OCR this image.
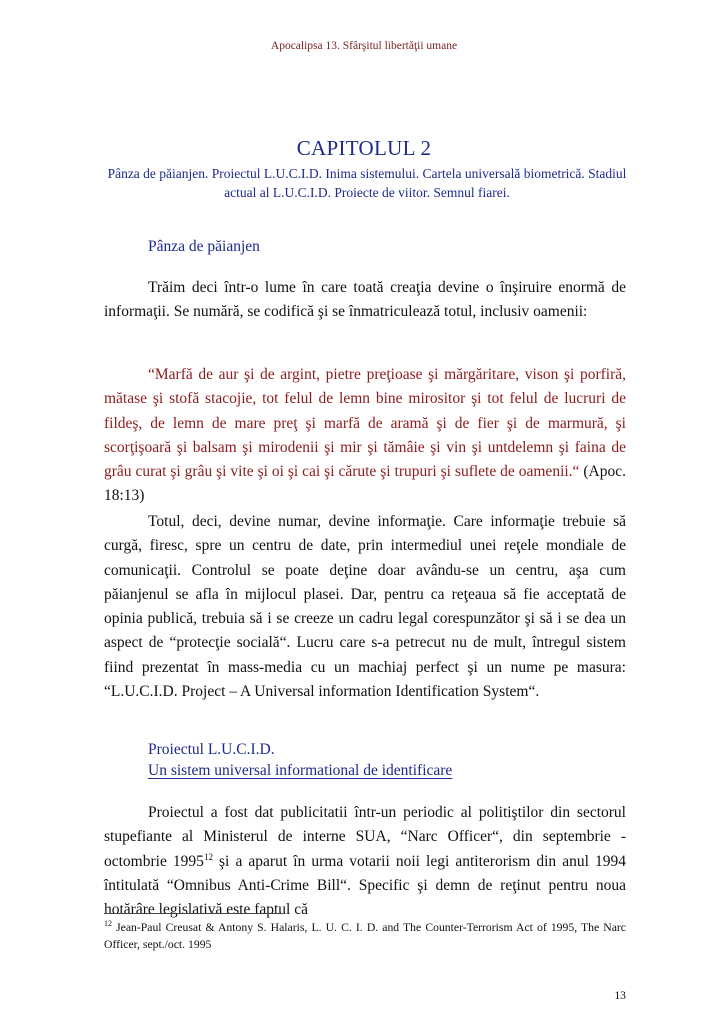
Apocalipsa 13. Sfârşitul libertăţii umane
CAPITOLUL 2
Pânza de păianjen. Proiectul L.U.C.I.D. Inima sistemului. Cartela universală biometrică. Stadiul actual al L.U.C.I.D. Proiecte de viitor. Semnul fiarei.
Pânza de păianjen

Trăim deci într-o lume în care toată creaţia devine o înşiruire enormă de informaţii. Se numără, se codifică şi se înmatriculează totul, inclusiv oamenii:

“Marfă de aur şi de argint, pietre preţioase şi mărgăritare, vison şi porfiră, mătase şi stofă stacojie, tot felul de lemn bine mirositor şi tot felul de lucruri de fildeş, de lemn de mare preţ şi marfă de aramă şi de fier şi de marmură, şi scorţişoară şi balsam şi mirodenii şi mir şi tămâie şi vin şi untdelemn şi faina de grâu curat şi grâu şi vite şi oi şi cai şi cărute şi trupuri şi suflete de oamenii.“ (Apoc. 18:13)

Totul, deci, devine numar, devine informaţie. Care informaţie trebuie să curgă, firesc, spre un centru de date, prin intermediul unei reţele mondiale de comunicaţii. Controlul se poate deţine doar avându-se un centru, aşa cum păianjenul se afla în mijlocul plasei. Dar, pentru ca reţeaua să fie acceptată de opinia publică, trebuia să i se creeze un cadru legal corespunzător şi să i se dea un aspect de “protecţie socială“. Lucru care s-a petrecut nu de mult, întregul sistem fiind prezentat în mass-media cu un machiaj perfect şi un nume pe masura: “L.U.C.I.D. Project – A Universal information Identification System“.

Proiectul L.U.C.I.D.
Un sistem universal informational de identificare

Proiectul a fost dat publicitatii într-un periodic al politiştilor din sectorul stupefiante al Ministerul de interne SUA, “Narc Officer“, din septembrie - octombrie 1995$^{12}$ şi a aparut în urma votarii noii legi antiterorism din anul 1994 întitulată “Omnibus Anti-Crime Bill“. Specific şi demn de reţinut pentru noua hotărâre legislativă este faptul că

$^{12}$ Jean-Paul Creusat & Antony S. Halaris, L. U. C. I. D. and The Counter-Terrorism Act of 1995, The Narc Officer, sept./oct. 1995
13
